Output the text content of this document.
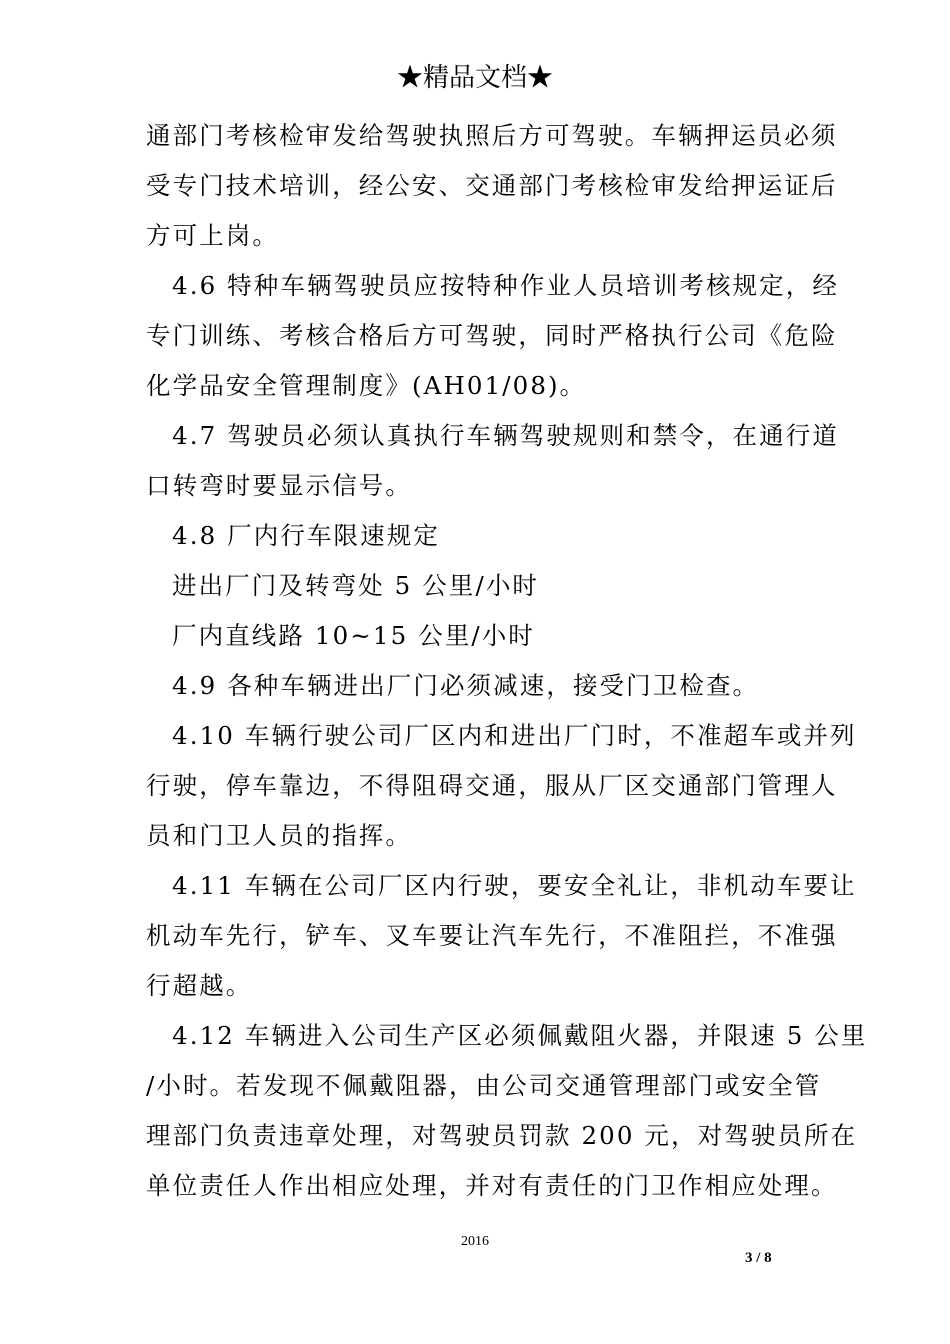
★精品文档★
通部门考核检审发给驾驶执照后方可驾驶。车辆押运员必须
受专门技术培训，经公安、交通部门考核检审发给押运证后
方可上岗。
4.6 特种车辆驾驶员应按特种作业人员培训考核规定，经
专门训练、考核合格后方可驾驶，同时严格执行公司《危险
化学品安全管理制度》(AH01/08)。
4.7 驾驶员必须认真执行车辆驾驶规则和禁令，在通行道
口转弯时要显示信号。
4.8 厂内行车限速规定
进出厂门及转弯处 5 公里/小时
厂内直线路 10~15 公里/小时
4.9 各种车辆进出厂门必须减速，接受门卫检查。
4.10 车辆行驶公司厂区内和进出厂门时，不准超车或并列
行驶，停车靠边，不得阻碍交通，服从厂区交通部门管理人
员和门卫人员的指挥。
4.11 车辆在公司厂区内行驶，要安全礼让，非机动车要让
机动车先行，铲车、叉车要让汽车先行，不准阻拦，不准强
行超越。
4.12 车辆进入公司生产区必须佩戴阻火器，并限速 5 公里
/小时。若发现不佩戴阻器，由公司交通管理部门或安全管
理部门负责违章处理，对驾驶员罚款 200 元，对驾驶员所在
单位责任人作出相应处理，并对有责任的门卫作相应处理。
2016
3 / 8
